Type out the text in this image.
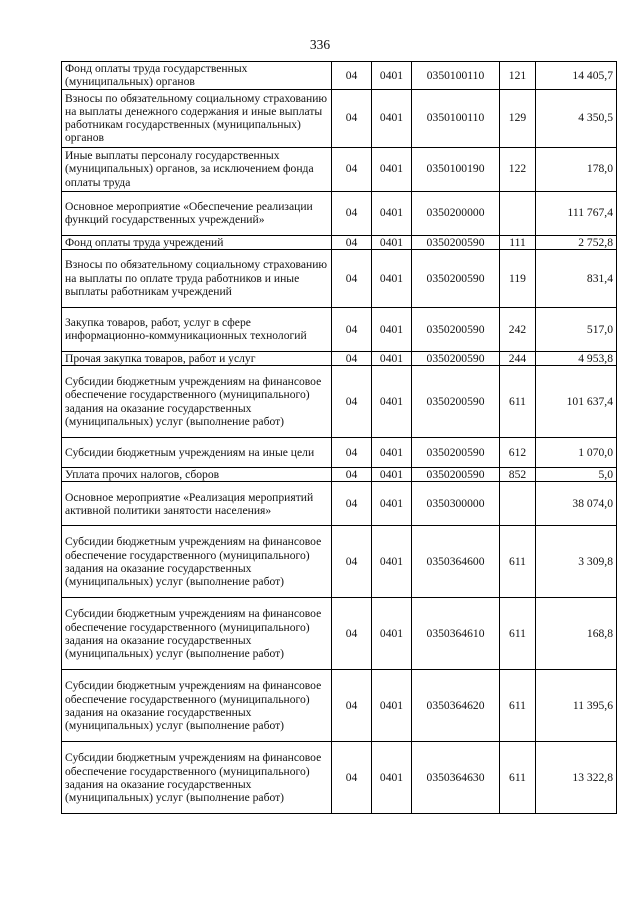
336
Фонд оплаты труда государственных (муниципальных) органов	04	0401	0350100110	121	14 405,7
Взносы по обязательному социальному страхованию на выплаты денежного содержания и иные выплаты работникам государственных (муниципальных) органов	04	0401	0350100110	129	4 350,5
Иные выплаты персоналу государственных (муниципальных) органов, за исключением фонда оплаты труда	04	0401	0350100190	122	178,0
Основное мероприятие «Обеспечение реализации функций государственных учреждений»	04	0401	0350200000		111 767,4
Фонд оплаты труда учреждений	04	0401	0350200590	111	2 752,8
Взносы по обязательному социальному страхованию на выплаты по оплате труда работников и иные выплаты работникам учреждений	04	0401	0350200590	119	831,4
Закупка товаров, работ, услуг в сфере информационно-коммуникационных технологий	04	0401	0350200590	242	517,0
Прочая закупка товаров, работ и услуг	04	0401	0350200590	244	4 953,8
Субсидии бюджетным учреждениям на финансовое обеспечение государственного (муниципального) задания на оказание государственных (муниципальных) услуг (выполнение работ)	04	0401	0350200590	611	101 637,4
Субсидии бюджетным учреждениям на иные цели	04	0401	0350200590	612	1 070,0
Уплата прочих налогов, сборов	04	0401	0350200590	852	5,0
Основное мероприятие «Реализация мероприятий активной политики занятости населения»	04	0401	0350300000		38 074,0
Субсидии бюджетным учреждениям на финансовое обеспечение государственного (муниципального) задания на оказание государственных (муниципальных) услуг (выполнение работ)	04	0401	0350364600	611	3 309,8
Субсидии бюджетным учреждениям на финансовое обеспечение государственного (муниципального) задания на оказание государственных (муниципальных) услуг (выполнение работ)	04	0401	0350364610	611	168,8
Субсидии бюджетным учреждениям на финансовое обеспечение государственного (муниципального) задания на оказание государственных (муниципальных) услуг (выполнение работ)	04	0401	0350364620	611	11 395,6
Субсидии бюджетным учреждениям на финансовое обеспечение государственного (муниципального) задания на оказание государственных (муниципальных) услуг (выполнение работ)	04	0401	0350364630	611	13 322,8
